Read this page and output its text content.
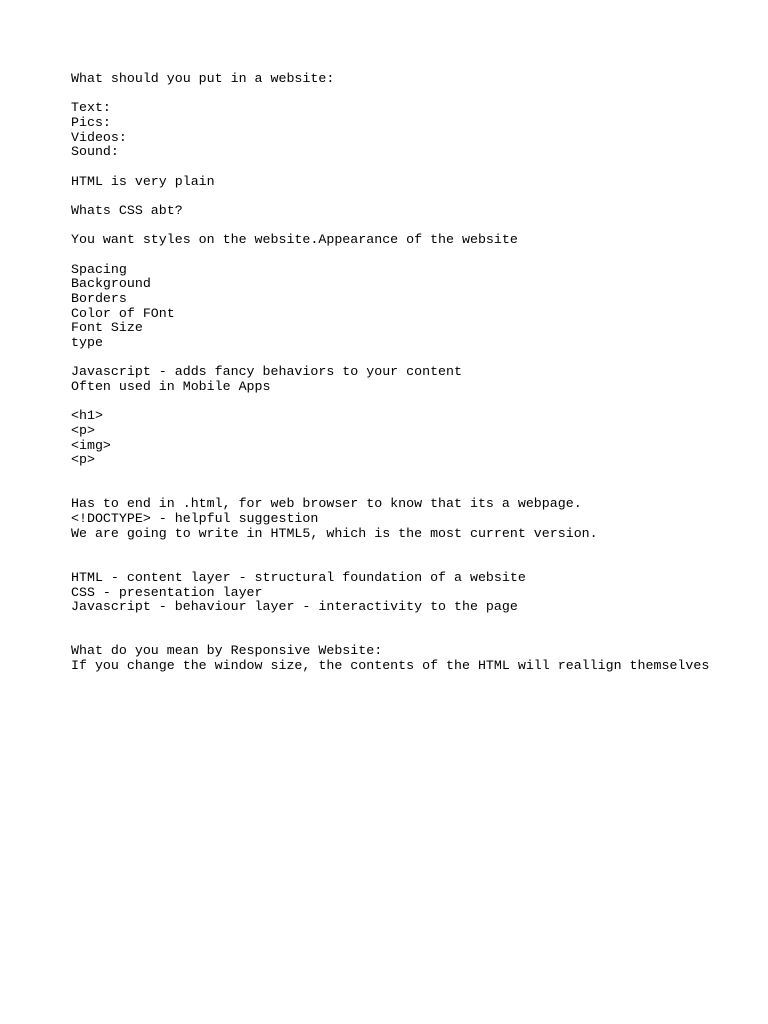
What should you put in a website:
Text:
Pics:
Videos:
Sound:
HTML is very plain
Whats CSS abt?
You want styles on the website.Appearance of the website
Spacing
Background
Borders
Color of FOnt
Font Size
type
Javascript - adds fancy behaviors to your content
Often used in Mobile Apps
<h1>
<p>
<img>
<p>
Has to end in .html, for web browser to know that its a webpage.
<!DOCTYPE> - helpful suggestion
We are going to write in HTML5, which is the most current version.
HTML - content layer - structural foundation of a website
CSS - presentation layer
Javascript - behaviour layer - interactivity to the page
What do you mean by Responsive Website:
If you change the window size, the contents of the HTML will reallign themselves
